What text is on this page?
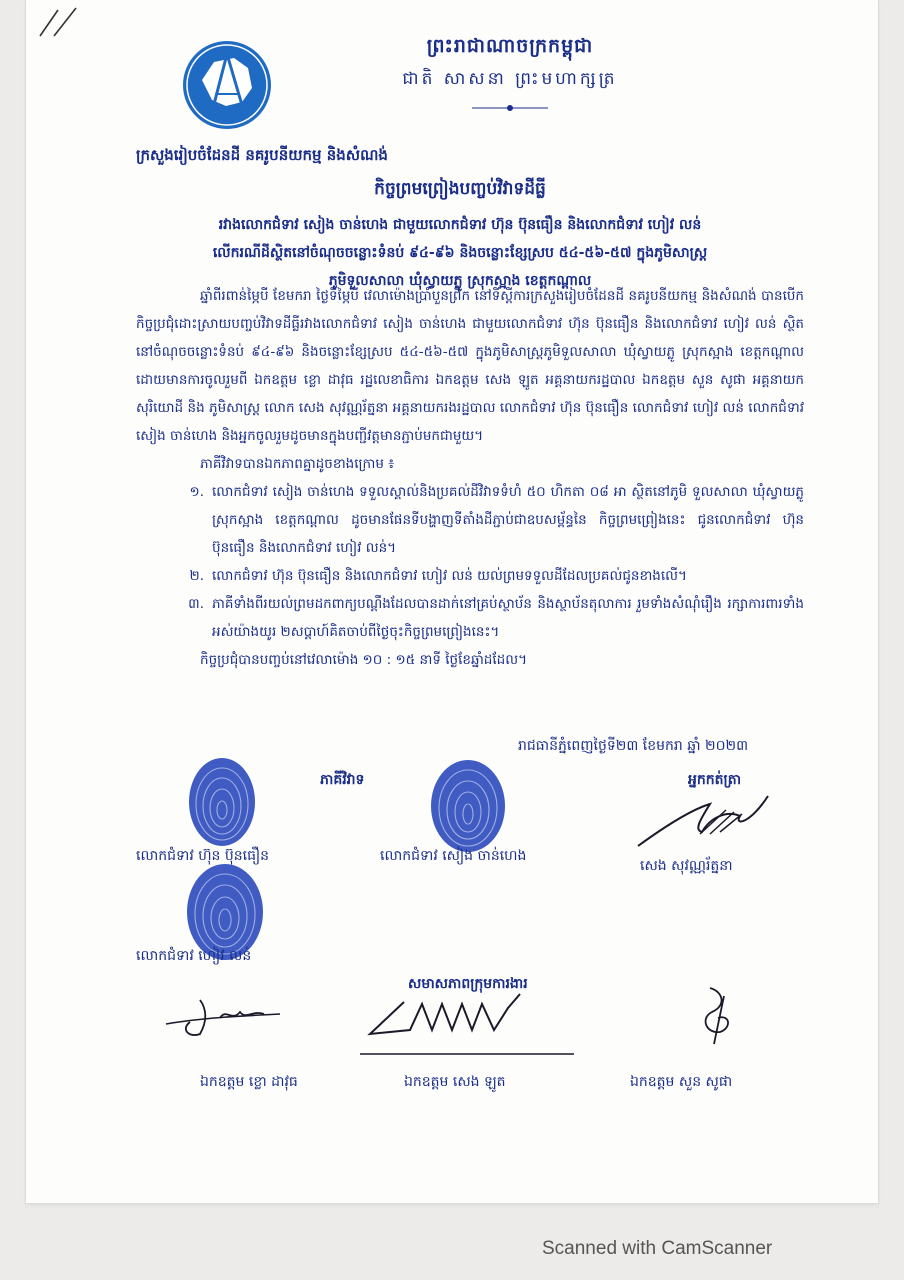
ព្រះរាជាណាចក្រកម្ពុជា
ជាតិ សាសនា ព្រះមហាក្សត្រ
ក្រសួងរៀបចំដែនដី នគរូបនីយកម្ម និងសំណង់
កិច្ចព្រមព្រៀងបញ្ចប់វិវាទដីធ្លី
រវាងលោកជំទាវ សៀង ចាន់ហេង ជាមួយលោកជំទាវ ហ៊ុន ប៊ុនធឿន និងលោកជំទាវ ហៀវ លន់
លើករណីដីស្ថិតនៅចំណុចចន្លោះទំនប់ ៩៤-៩៦ និងចន្លោះខ្សែស្រប ៥៤-៥៦-៥៧ ក្នុងភូមិសាស្ត្រ
ភូមិទួលសាលា ឃុំស្វាយភ្លូ ស្រុកស្អាង ខេត្តកណ្ដាល

ឆ្នាំពីរពាន់ម្ភៃបី ខែមករា ថ្ងៃទីម្ភៃបី វេលាម៉ោងប្រាំបួនព្រឹក នៅទីស្ដីការក្រសួងរៀបចំដែនដី នគរូបនីយកម្ម និងសំណង់ បានបើកកិច្ចប្រជុំដោះស្រាយបញ្ចប់វិវាទដីធ្លីរវាងលោកជំទាវ សៀង ចាន់ហេង ជាមួយលោកជំទាវ ហ៊ុន ប៊ុនធឿន និងលោកជំទាវ ហៀវ លន់ ស្ថិតនៅចំណុចចន្លោះទំនប់ ៩៤-៩៦ និងចន្លោះខ្សែស្រប ៥៤-៥៦-៥៧ ក្នុងភូមិសាស្ត្រភូមិទួលសាលា ឃុំស្វាយភ្លូ ស្រុកស្អាង ខេត្តកណ្ដាល ដោយមានការចូលរួមពី ឯកឧត្ដម ខ្លោ ដាវុធ រដ្ឋលេខាធិការ ឯកឧត្ដម សេង ឡូត អគ្គនាយករដ្ឋបាល ឯកឧត្ដម សួន សូផា អគ្គនាយកសុរិយោដី និង ភូមិសាស្ត្រ លោក សេង សុវណ្ណរ័ត្ននា អគ្គនាយករងរដ្ឋបាល លោកជំទាវ ហ៊ុន ប៊ុនធឿន លោកជំទាវ ហៀវ លន់ លោកជំទាវ សៀង ចាន់ហេង និងអ្នកចូលរួមដូចមានក្នុងបញ្ជីវត្តមានភ្ជាប់មកជាមួយ។

ភាគីវិវាទបានឯកភាពគ្នាដូចខាងក្រោម ៖

១. លោកជំទាវ សៀង ចាន់ហេង ទទួលស្គាល់និងប្រគល់ដីវិវាទទំហំ ៥០ ហិកតា ០៨ អា ស្ថិតនៅភូមិ ទួលសាលា ឃុំស្វាយភ្លូ ស្រុកស្អាង ខេត្តកណ្ដាល ដូចមានផែនទីបង្ហាញទីតាំងដីភ្ជាប់ជាឧបសម្ព័ន្ធនៃ កិច្ចព្រមព្រៀងនេះ ជូនលោកជំទាវ ហ៊ុន ប៊ុនធឿន និងលោកជំទាវ ហៀវ លន់។
២. លោកជំទាវ ហ៊ុន ប៊ុនធឿន និងលោកជំទាវ ហៀវ លន់ យល់ព្រមទទួលដីដែលប្រគល់ជូនខាងលើ។
៣. ភាគីទាំងពីរយល់ព្រមដកពាក្យបណ្ដឹងដែលបានដាក់នៅគ្រប់ស្ថាប័ន និងស្ថាប័នតុលាការ រួមទាំងសំណុំរឿង រក្សាការពារទាំងអស់យ៉ាងយូរ ២សប្ដាហ៍គិតចាប់ពីថ្ងៃចុះកិច្ចព្រមព្រៀងនេះ។

កិច្ចប្រជុំបានបញ្ចប់នៅវេលាម៉ោង ១០ : ១៥ នាទី ថ្ងៃខែឆ្នាំដដែល។

រាជធានីភ្នំពេញថ្ងៃទី២៣ ខែមករា ឆ្នាំ ២០២៣
ភាគីវិវាទ	អ្នកកត់ត្រា
លោកជំទាវ ហ៊ុន ប៊ុនធឿន	លោកជំទាវ សៀង ចាន់ហេង
សេង សុវណ្ណរ័ត្ននា
លោកជំទាវ ហៀវ លន់
សមាសភាពក្រុមការងារ
ឯកឧត្ដម ខ្លោ ដាវុធ	ឯកឧត្ដម សេង ឡូត	ឯកឧត្ដម សួន សូផា
Scanned with CamScanner
